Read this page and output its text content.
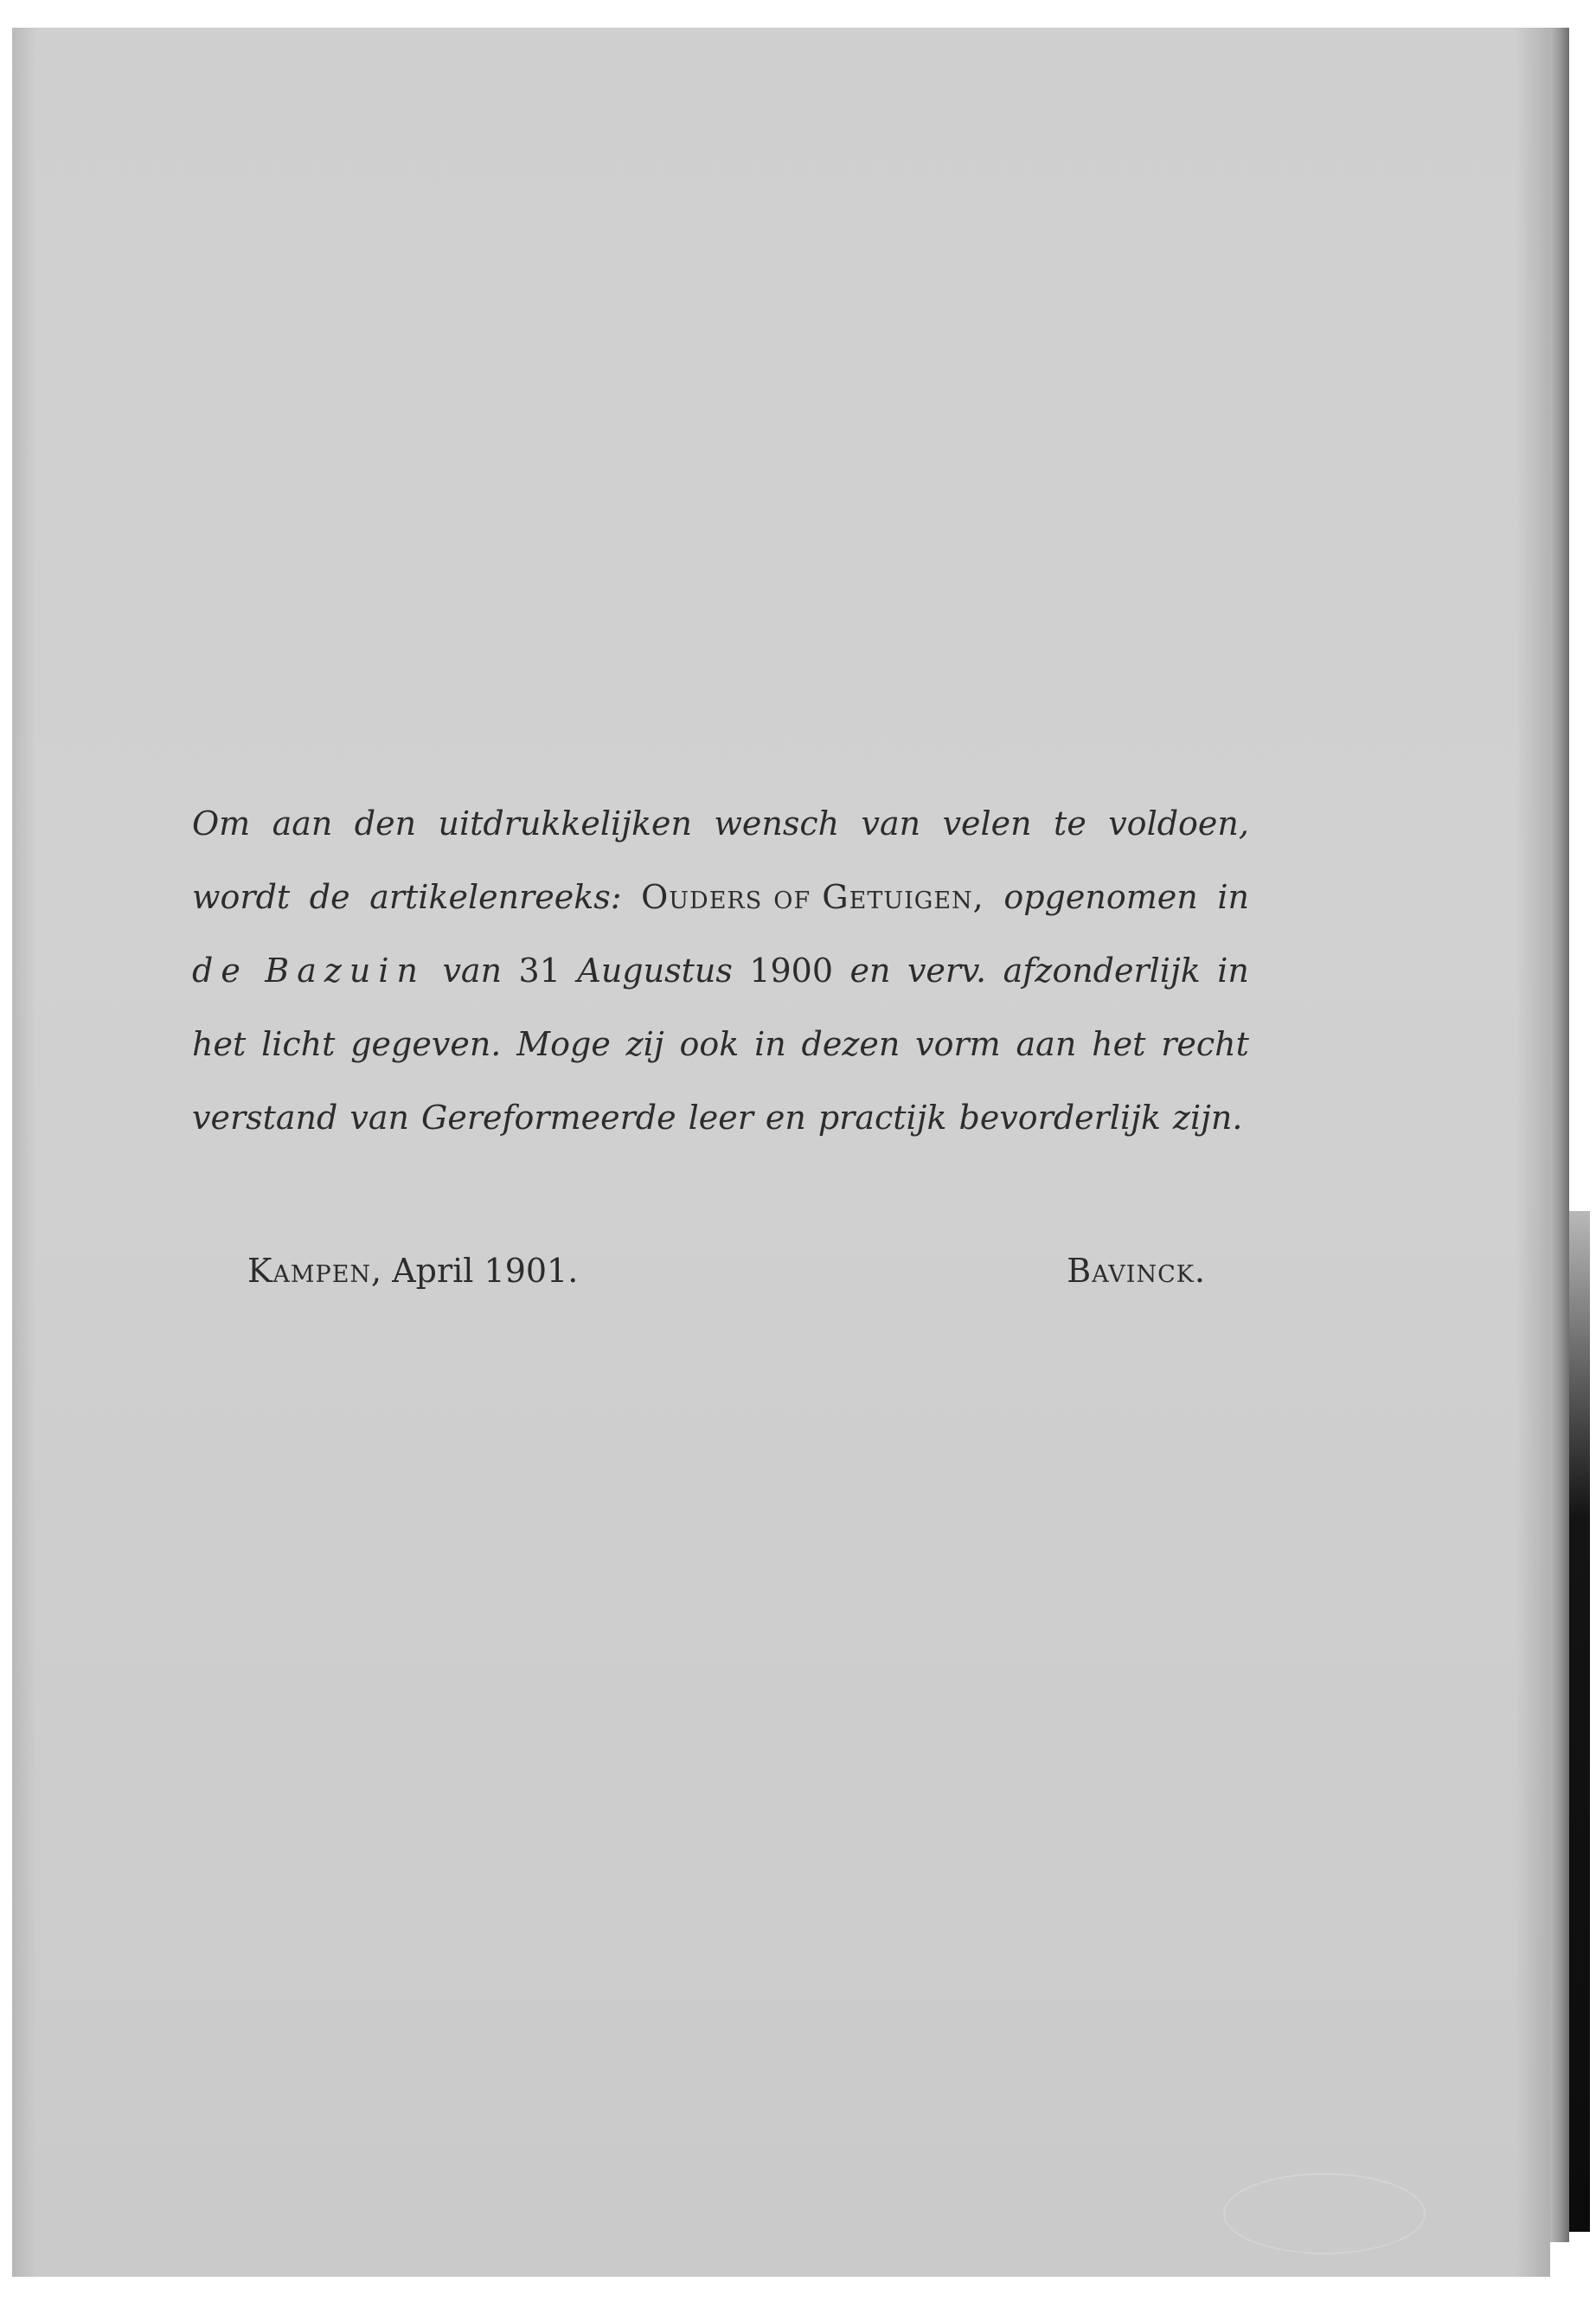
Om aan den uitdrukkelijken wensch van velen te voldoen,
wordt de artikelenreeks: Ouders of Getuigen, opgenomen in
de Bazuin van 31 Augustus 1900 en verv. afzonderlijk in
het licht gegeven. Moge zij ook in dezen vorm aan het recht
verstand van Gereformeerde leer en practijk bevorderlijk zijn.
Kampen, April 1901.	Bavinck.
